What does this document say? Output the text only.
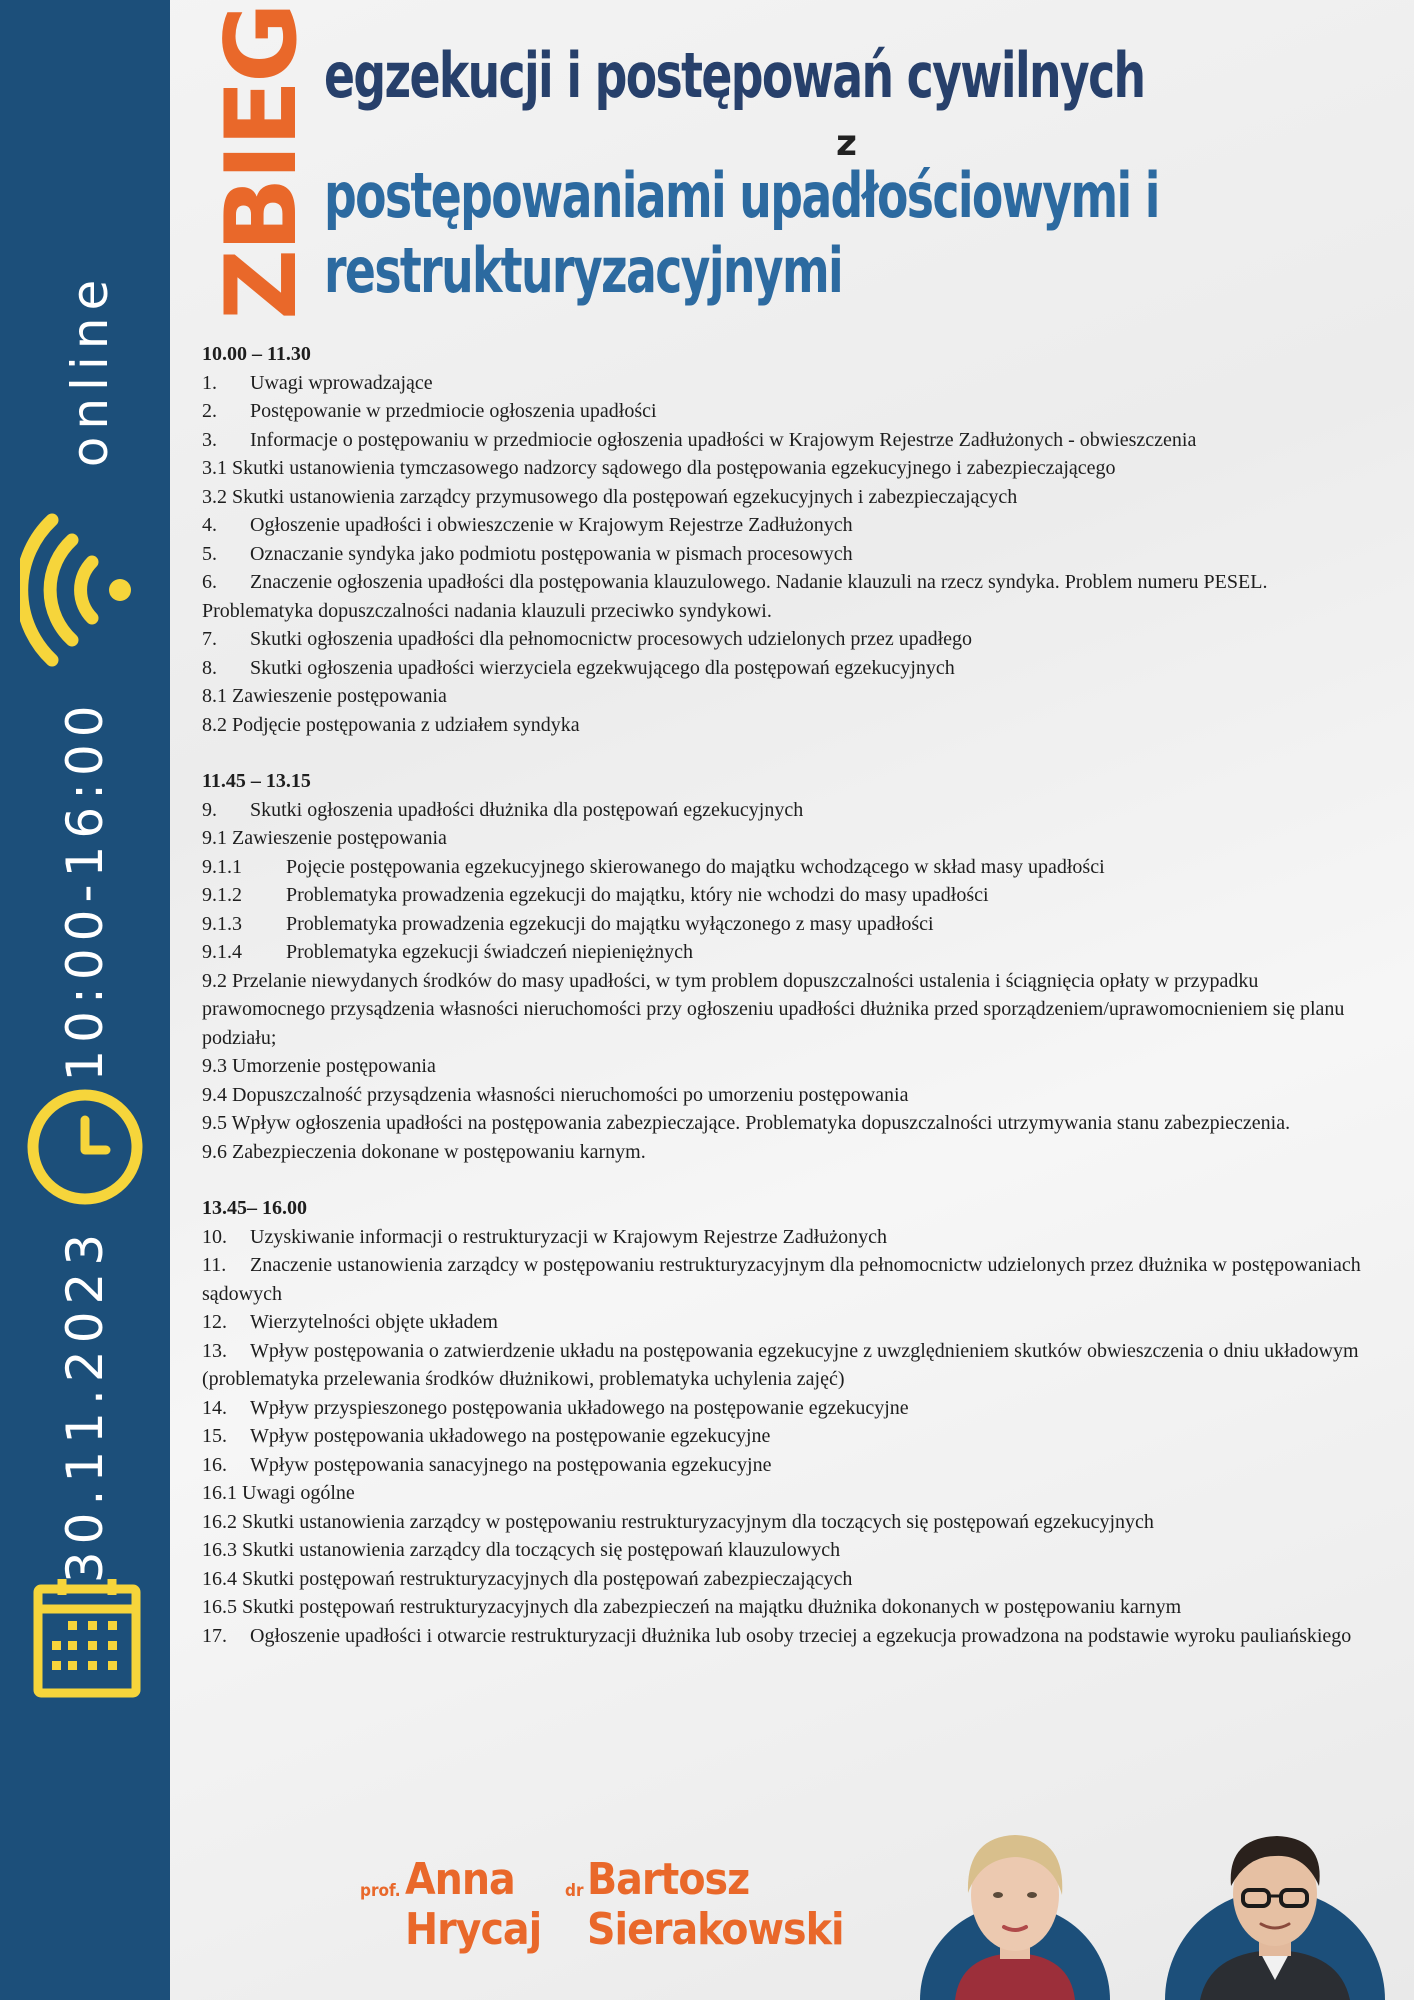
online
10:00-16:00
30.11.2023
ZBIEG egzekucji i postępowań cywilnych
z
postępowaniami upadłościowymi i
restrukturyzacyjnymi
10.00 – 11.30
1. Uwagi wprowadzające
2. Postępowanie w przedmiocie ogłoszenia upadłości
3. Informacje o postępowaniu w przedmiocie ogłoszenia upadłości w Krajowym Rejestrze Zadłużonych - obwieszczenia
3.1 Skutki ustanowienia tymczasowego nadzorcy sądowego dla postępowania egzekucyjnego i zabezpieczającego
3.2 Skutki ustanowienia zarządcy przymusowego dla postępowań egzekucyjnych i zabezpieczających
4. Ogłoszenie upadłości i obwieszczenie w Krajowym Rejestrze Zadłużonych
5. Oznaczanie syndyka jako podmiotu postępowania w pismach procesowych
6. Znaczenie ogłoszenia upadłości dla postępowania klauzulowego. Nadanie klauzuli na rzecz syndyka. Problem numeru PESEL. Problematyka dopuszczalności nadania klauzuli przeciwko syndykowi.
7. Skutki ogłoszenia upadłości dla pełnomocnictw procesowych udzielonych przez upadłego
8. Skutki ogłoszenia upadłości wierzyciela egzekwującego dla postępowań egzekucyjnych
8.1 Zawieszenie postępowania
8.2 Podjęcie postępowania z udziałem syndyka
11.45 – 13.15
9. Skutki ogłoszenia upadłości dłużnika dla postępowań egzekucyjnych
9.1 Zawieszenie postępowania
9.1.1 Pojęcie postępowania egzekucyjnego skierowanego do majątku wchodzącego w skład masy upadłości
9.1.2 Problematyka prowadzenia egzekucji do majątku, który nie wchodzi do masy upadłości
9.1.3 Problematyka prowadzenia egzekucji do majątku wyłączonego z masy upadłości
9.1.4 Problematyka egzekucji świadczeń niepieniężnych
9.2 Przelanie niewydanych środków do masy upadłości, w tym problem dopuszczalności ustalenia i ściągnięcia opłaty w przypadku prawomocnego przysądzenia własności nieruchomości przy ogłoszeniu upadłości dłużnika przed sporządzeniem/uprawomocnieniem się planu podziału;
9.3 Umorzenie postępowania
9.4 Dopuszczalność przysądzenia własności nieruchomości po umorzeniu postępowania
9.5 Wpływ ogłoszenia upadłości na postępowania zabezpieczające. Problematyka dopuszczalności utrzymywania stanu zabezpieczenia.
9.6 Zabezpieczenia dokonane w postępowaniu karnym.
13.45– 16.00
10. Uzyskiwanie informacji o restrukturyzacji w Krajowym Rejestrze Zadłużonych
11. Znaczenie ustanowienia zarządcy w postępowaniu restrukturyzacyjnym dla pełnomocnictw udzielonych przez dłużnika w postępowaniach sądowych
12. Wierzytelności objęte układem
13. Wpływ postępowania o zatwierdzenie układu na postępowania egzekucyjne z uwzględnieniem skutków obwieszczenia o dniu układowym (problematyka przelewania środków dłużnikowi, problematyka uchylenia zajęć)
14. Wpływ przyspieszonego postępowania układowego na postępowanie egzekucyjne
15. Wpływ postępowania układowego na postępowanie egzekucyjne
16. Wpływ postępowania sanacyjnego na postępowania egzekucyjne
16.1 Uwagi ogólne
16.2 Skutki ustanowienia zarządcy w postępowaniu restrukturyzacyjnym dla toczących się postępowań egzekucyjnych
16.3 Skutki ustanowienia zarządcy dla toczących się postępowań klauzulowych
16.4 Skutki postępowań restrukturyzacyjnych dla postępowań zabezpieczających
16.5 Skutki postępowań restrukturyzacyjnych dla zabezpieczeń na majątku dłużnika dokonanych w postępowaniu karnym
17. Ogłoszenie upadłości i otwarcie restrukturyzacji dłużnika lub osoby trzeciej a egzekucja prowadzona na podstawie wyroku pauliańskiego
prof. Anna
Hrycaj
dr Bartosz
Sierakowski
